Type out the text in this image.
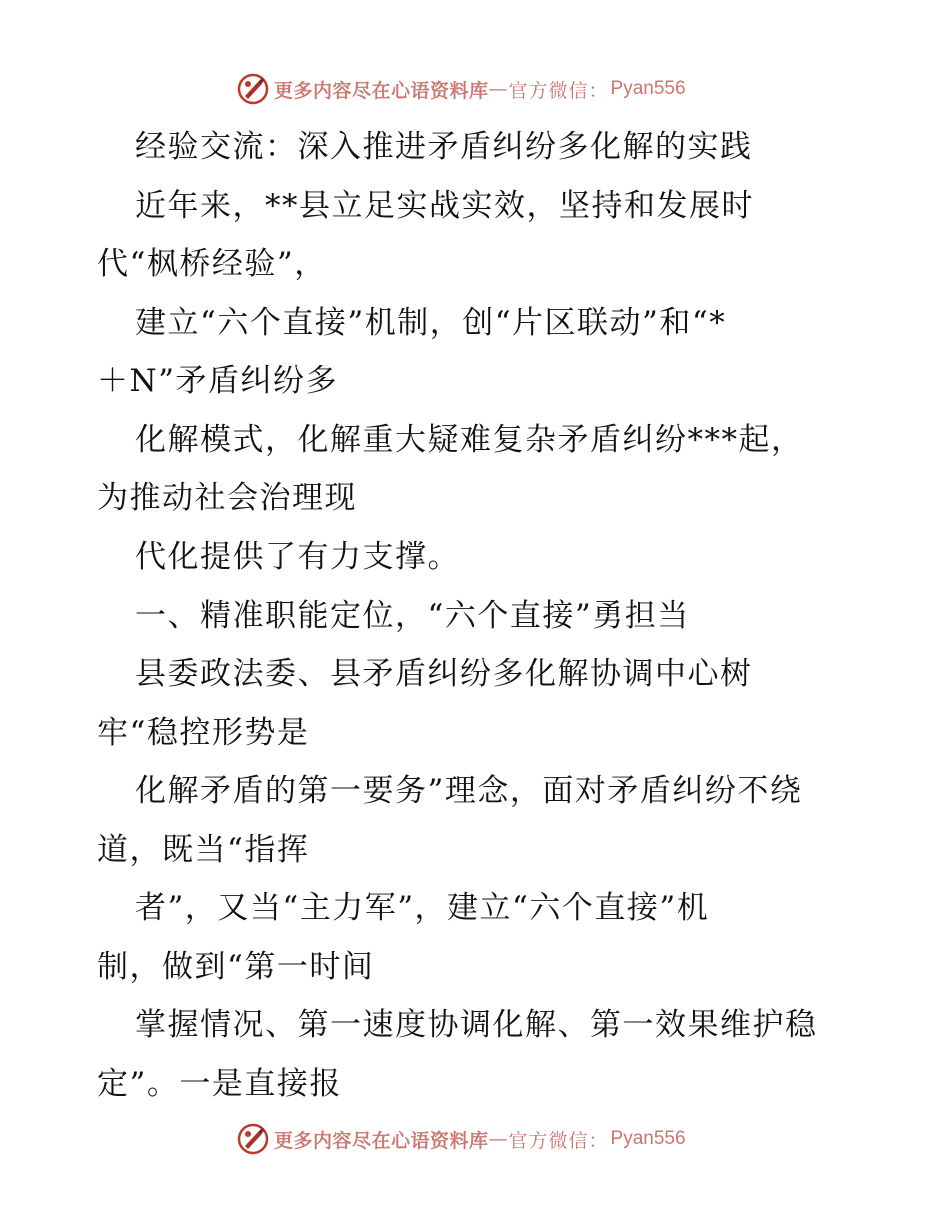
更多内容尽在心语资料库 — 官方微信： Pyan556
经验交流：深入推进矛盾纠纷多化解的实践
近年来，**县立足实战实效，坚持和发展时
代“枫桥经验”，
建立“六个直接”机制，创“片区联动”和“*
＋N”矛盾纠纷多
化解模式，化解重大疑难复杂矛盾纠纷***起，
为推动社会治理现
代化提供了有力支撑。
一、精准职能定位，“六个直接”勇担当
县委政法委、县矛盾纠纷多化解协调中心树
牢“稳控形势是
化解矛盾的第一要务”理念，面对矛盾纠纷不绕
道，既当“指挥
者”，又当“主力军”，建立“六个直接”机
制，做到“第一时间
掌握情况、第一速度协调化解、第一效果维护稳
定”。一是直接报
更多内容尽在心语资料库 — 官方微信： Pyan556
